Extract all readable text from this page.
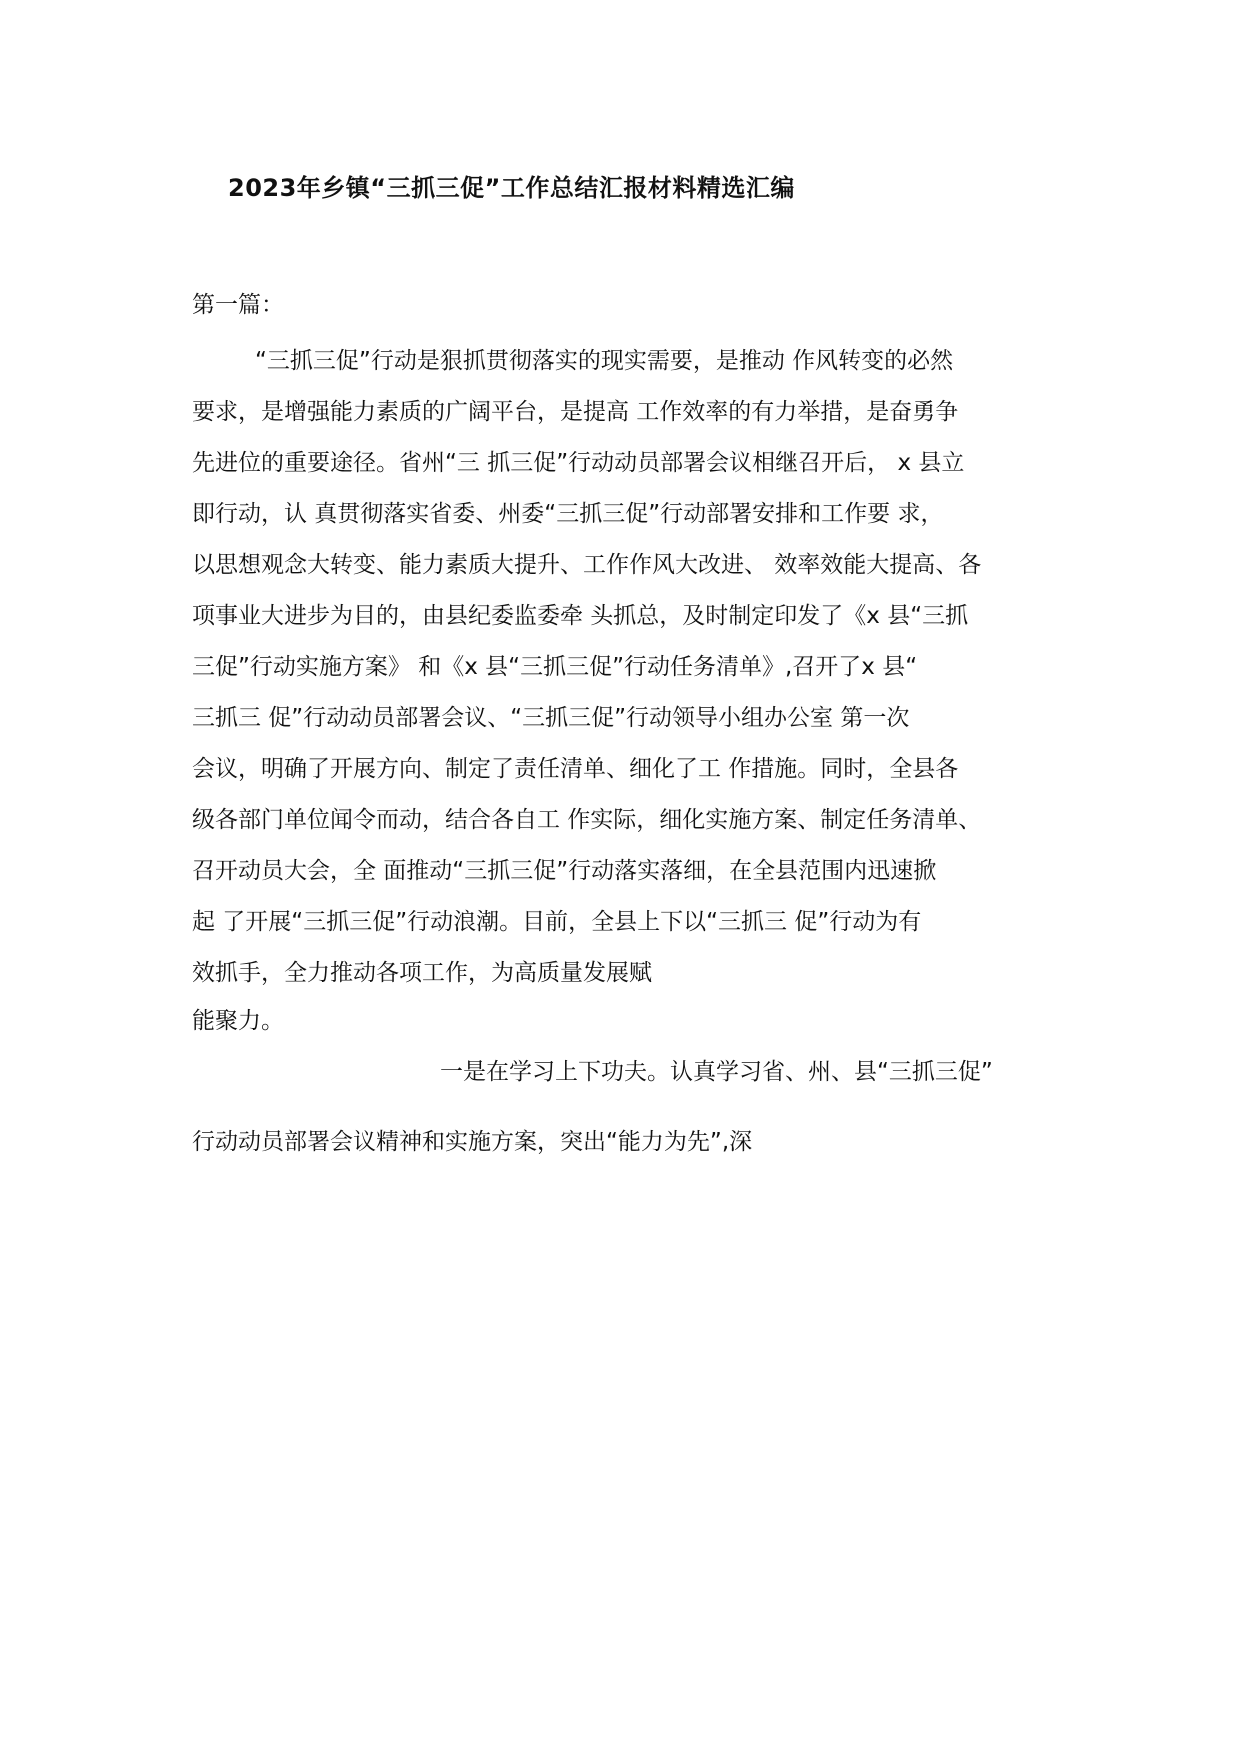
2023年乡镇“三抓三促”工作总结汇报材料精选汇编
第一篇：
“三抓三促”行动是狠抓贯彻落实的现实需要，是推动 作风转变的必然
要求，是增强能力素质的广阔平台，是提高 工作效率的有力举措，是奋勇争
先进位的重要途径。省州“三 抓三促”行动动员部署会议相继召开后， x 县立
即行动，认 真贯彻落实省委、州委“三抓三促”行动部署安排和工作要 求，
以思想观念大转变、能力素质大提升、工作作风大改进、 效率效能大提高、各
项事业大进步为目的，由县纪委监委牵 头抓总，及时制定印发了《x 县“三抓
三促”行动实施方案》 和《x 县“三抓三促”行动任务清单》,召开了x 县“
三抓三 促”行动动员部署会议、“三抓三促”行动领导小组办公室 第一次
会议，明确了开展方向、制定了责任清单、细化了工 作措施。同时，全县各
级各部门单位闻令而动，结合各自工 作实际，细化实施方案、制定任务清单、
召开动员大会，全 面推动“三抓三促”行动落实落细，在全县范围内迅速掀
起 了开展“三抓三促”行动浪潮。目前，全县上下以“三抓三 促”行动为有
效抓手，全力推动各项工作，为高质量发展赋
能聚力。
一是在学习上下功夫。认真学习省、州、县“三抓三促”
行动动员部署会议精神和实施方案，突出“能力为先”,深
